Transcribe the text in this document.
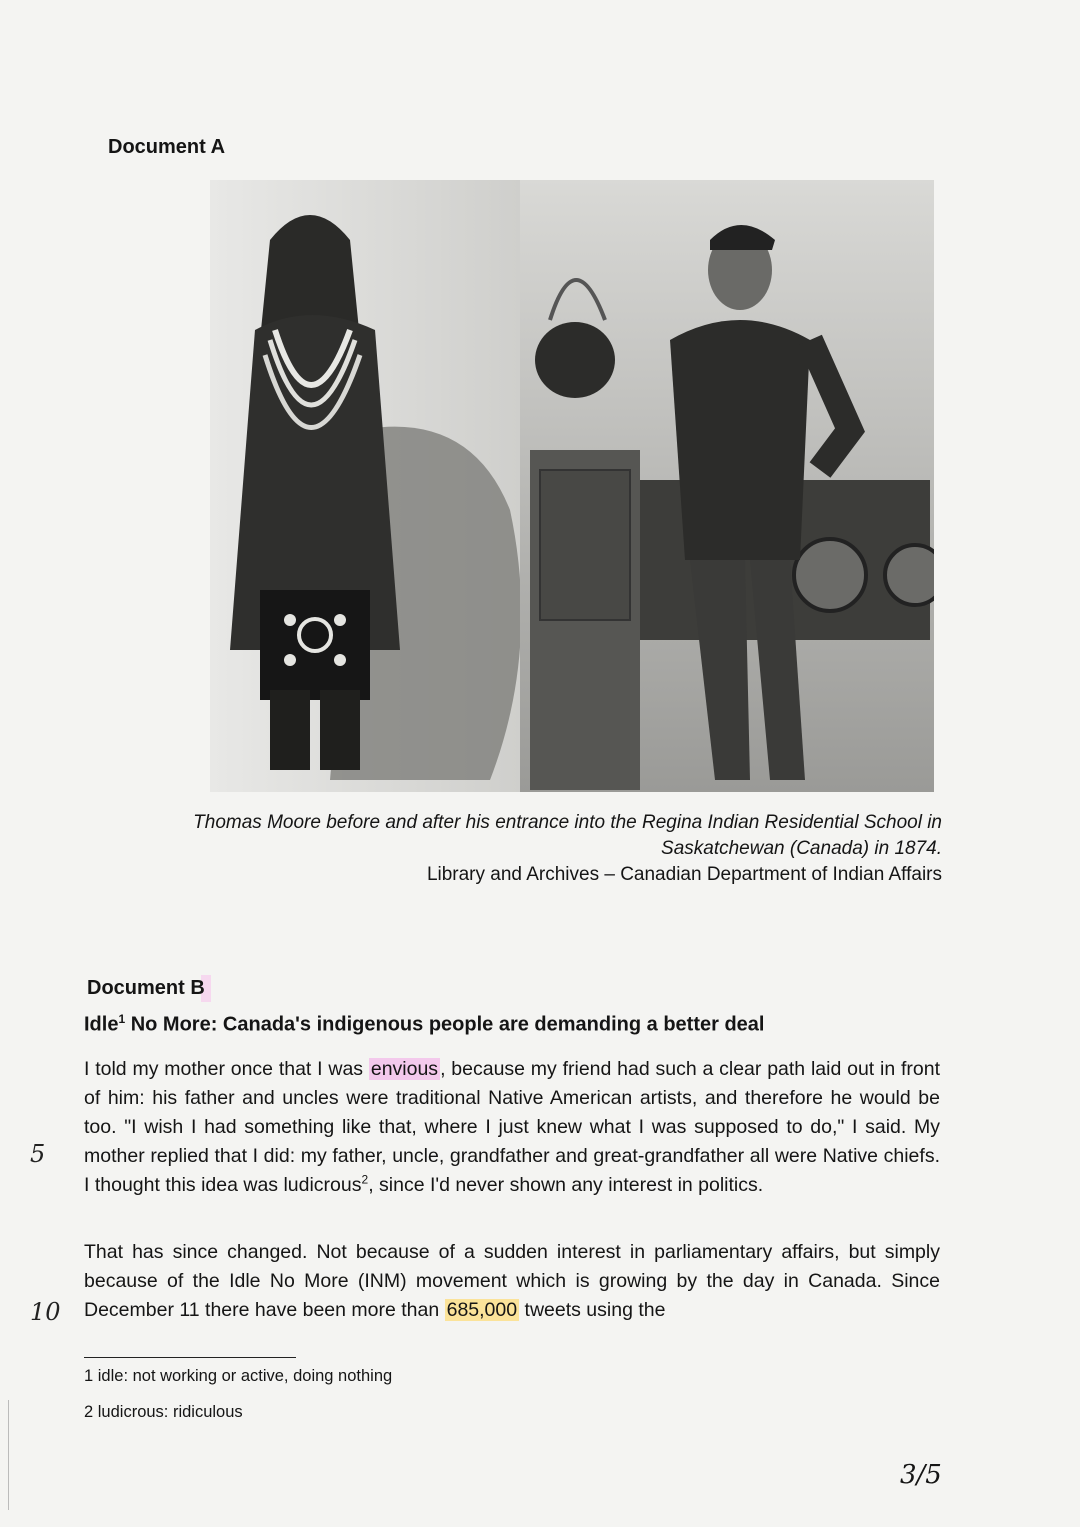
Document A
Thomas Moore before and after his entrance into the Regina Indian Residential School in
Saskatchewan (Canada) in 1874.
Library and Archives – Canadian Department of Indian Affairs
Document B
Idle$^1$ No More: Canada's indigenous people are demanding a better deal
I told my mother once that I was envious , because my friend had such a clear path laid out in front of him: his father and uncles were traditional Native American artists, and therefore he would be too. "I wish I had something like that, where I just knew what I was supposed to do," I said. My mother replied that I did: my father, uncle, grandfather and great-grandfather all were Native chiefs. I thought this idea was ludicrous$^2$, since I'd never shown any interest in politics.
That has since changed. Not because of a sudden interest in parliamentary affairs, but simply because of the Idle No More (INM) movement which is growing by the day in Canada. Since December 11 there have been more than 685,000 tweets using the
5
10
1 idle: not working or active, doing nothing
2 ludicrous: ridiculous
3/5
